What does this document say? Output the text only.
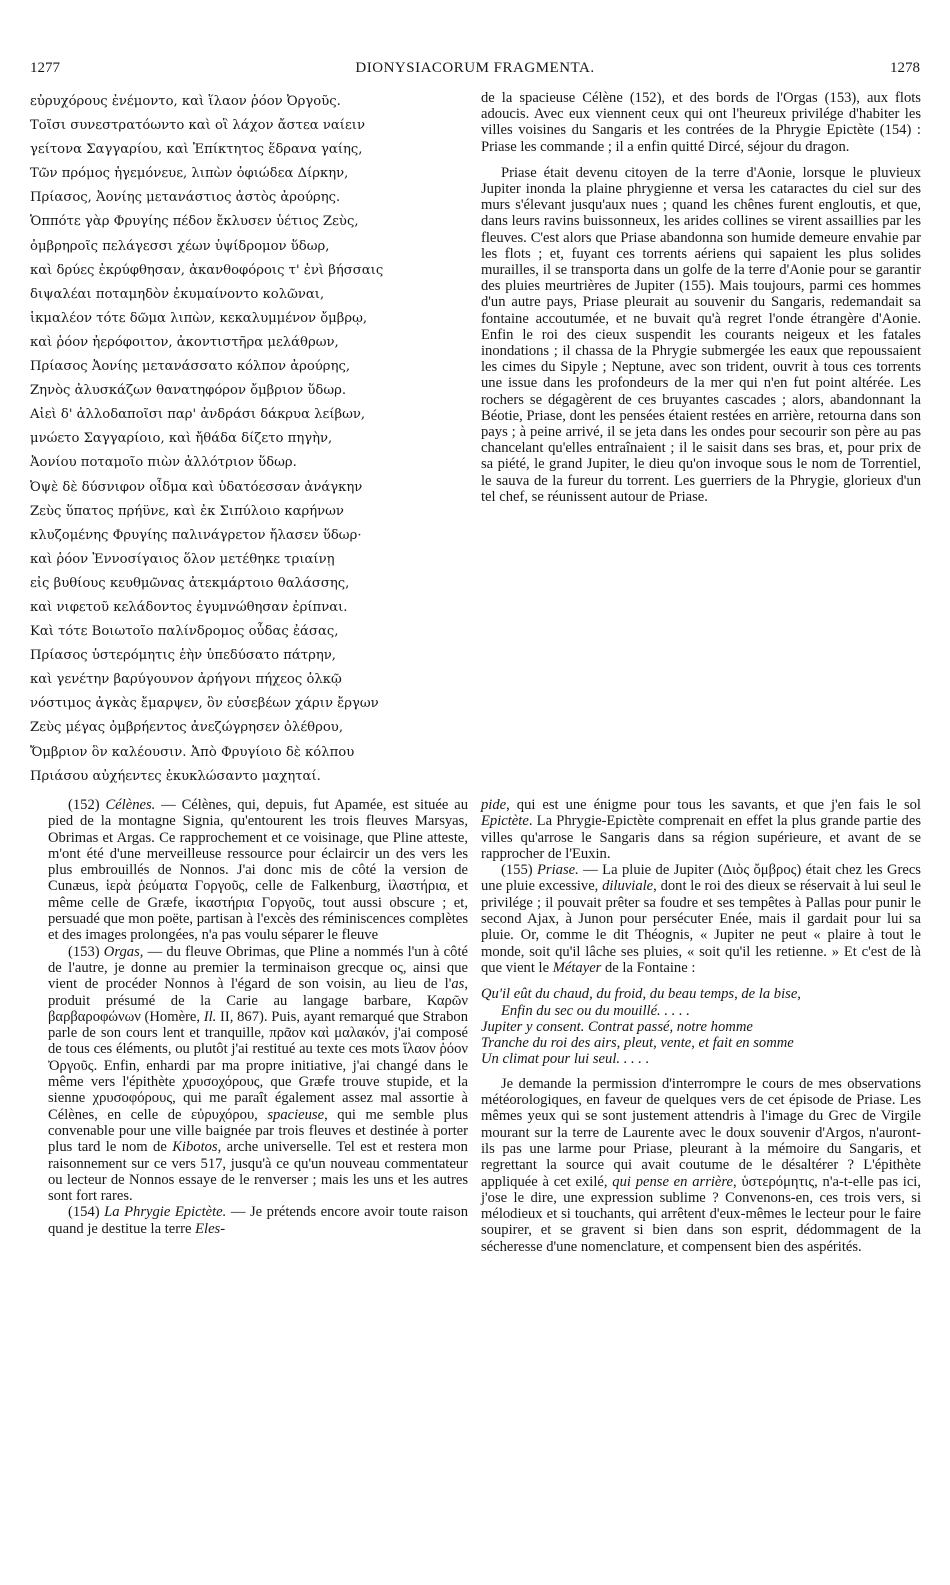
1277	DIONYSIACORUM FRAGMENTA.	1278
εὐρυχόρους ἐνέμοντο, καὶ ἵλαον ῥόον Ὀργοῦς.
Τοῖσι συνεστρατόωντο καὶ οἳ λάχον ἄστεα ναίειν
γείτονα Σαγγαρίου, καὶ Ἐπίκτητος ἕδρανα γαίης,
Τῶν πρόμος ἡγεμόνευε, λιπὼν ὀφιώδεα Δίρκην,
Πρίασος, Ἀονίης μετανάστιος ἀστὸς ἀρούρης.
Ὁππότε γὰρ Φρυγίης πέδον ἔκλυσεν ὑέτιος Ζεὺς,
ὀμβρηροῖς πελάγεσσι χέων ὑψίδρομον ὕδωρ,
καὶ δρύες ἐκρύφθησαν, ἀκανθοφόροις τ' ἐνὶ βήσσαις
διψαλέαι ποταμηδὸν ἐκυμαίνοντο κολῶναι,
ἱκμαλέον τότε δῶμα λιπὼν, κεκαλυμμένον ὄμβρῳ,
καὶ ῥόον ἠερόφοιτον, ἀκοντιστῆρα μελάθρων,
Πρίασος Ἀονίης μετανάσσατο κόλπον ἀρούρης,
Ζηνὸς ἀλυσκάζων θανατηφόρον ὄμβριον ὕδωρ.
Αἰεὶ δ' ἀλλοδαποῖσι παρ' ἀνδράσι δάκρυα λείβων,
μνώετο Σαγγαρίοιο, καὶ ἤθάδα δίζετο πηγὴν,
Ἀονίου ποταμοῖο πιὼν ἀλλότριον ὕδωρ.
Ὀψὲ δὲ δύσνιφον οἶδμα καὶ ὑδατόεσσαν ἀνάγκην
Ζεὺς ὕπατος πρήϋνε, καὶ ἐκ Σιπύλοιο καρήνων
κλυζομένης Φρυγίης παλινάγρετον ἤλασεν ὕδωρ·
καὶ ῥόον Ἐννοσίγαιος ὅλον μετέθηκε τριαίνῃ
εἰς βυθίους κευθμῶνας ἀτεκμάρτοιο θαλάσσης,
καὶ νιφετοῦ κελάδοντος ἐγυμνώθησαν ἐρίπναι.
Καὶ τότε Βοιωτοῖο παλίνδρομος οὖδας ἐάσας,
Πρίασος ὑστερόμητις ἑὴν ὑπεδύσατο πάτρην,
καὶ γενέτην βαρύγουνον ἀρήγονι πήχεος ὁλκῷ
νόστιμος ἀγκὰς ἔμαρψεν, ὃν εὐσεβέων χάριν ἔργων
Ζεὺς μέγας ὀμβρήεντος ἀνεζώγρησεν ὀλέθρου,
Ὄμβριον ὃν καλέουσιν. Ἀπὸ Φρυγίοιο δὲ κόλπου
Πριάσου αὐχήεντες ἐκυκλώσαντο μαχηταί.

de la spacieuse Célène (152), et des bords de l'Orgas (153), aux flots adoucis. Avec eux viennent ceux qui ont l'heureux privilége d'habiter les villes voisines du Sangaris et les contrées de la Phrygie Epictète (154) : Priase les commande ; il a enfin quitté Dircé, séjour du dragon.

Priase était devenu citoyen de la terre d'Aonie, lorsque le pluvieux Jupiter inonda la plaine phrygienne et versa les cataractes du ciel sur des murs s'élevant jusqu'aux nues ; quand les chênes furent engloutis, et que, dans leurs ravins buissonneux, les arides collines se virent assaillies par les fleuves. C'est alors que Priase abandonna son humide demeure envahie par les flots ; et, fuyant ces torrents aériens qui sapaient les plus solides murailles, il se transporta dans un golfe de la terre d'Aonie pour se garantir des pluies meurtrières de Jupiter (155). Mais toujours, parmi ces hommes d'un autre pays, Priase pleurait au souvenir du Sangaris, redemandait sa fontaine accoutumée, et ne buvait qu'à regret l'onde étrangère d'Aonie. Enfin le roi des cieux suspendit les courants neigeux et les fatales inondations ; il chassa de la Phrygie submergée les eaux que repoussaient les cimes du Sipyle ; Neptune, avec son trident, ouvrit à tous ces torrents une issue dans les profondeurs de la mer qui n'en fut point altérée. Les rochers se dégagèrent de ces bruyantes cascades ; alors, abandonnant la Béotie, Priase, dont les pensées étaient restées en arrière, retourna dans son pays ; à peine arrivé, il se jeta dans les ondes pour secourir son père au pas chancelant qu'elles entraînaient ; il le saisit dans ses bras, et, pour prix de sa piété, le grand Jupiter, le dieu qu'on invoque sous le nom de Torrentiel, le sauva de la fureur du torrent. Les guerriers de la Phrygie, glorieux d'un tel chef, se réunissent autour de Priase.

(152) Célènes. — Célènes, qui, depuis, fut Apamée, est située au pied de la montagne Signia, qu'entourent les trois fleuves Marsyas, Obrimas et Argas. Ce rapprochement et ce voisinage, que Pline atteste, m'ont été d'une merveilleuse ressource pour éclaircir un des vers les plus embrouillés de Nonnos. J'ai donc mis de côté la version de Cunæus, ἱερὰ ῥεύματα Γοργοῦς, celle de Falkenburg, ἱλαστήρια, et même celle de Græfe, ἱκαστήρια Γοργοῦς, tout aussi obscure ; et, persuadé que mon poëte, partisan à l'excès des réminiscences complètes et des images prolongées, n'a pas voulu séparer le fleuve

(153) Orgas, — du fleuve Obrimas, que Pline a nommés l'un à côté de l'autre, je donne au premier la terminaison grecque ος, ainsi que vient de procéder Nonnos à l'égard de son voisin, au lieu de l'as, produit présumé de la Carie au langage barbare, Καρῶν βαρβαροφώνων (Homère, Il. II, 867). Puis, ayant remarqué que Strabon parle de son cours lent et tranquille, πρᾶον καὶ μαλακόν, j'ai composé de tous ces éléments, ou plutôt j'ai restitué au texte ces mots ἵλαον ῥόον Ὀργοῦς. Enfin, enhardi par ma propre initiative, j'ai changé dans le même vers l'épithète χρυσοχόρους, que Græfe trouve stupide, et la sienne χρυσοφόρους, qui me paraît également assez mal assortie à Célènes, en celle de εὐρυχόρου, spacieuse, qui me semble plus convenable pour une ville baignée par trois fleuves et destinée à porter plus tard le nom de Kibotos, arche universelle. Tel est et restera mon raisonnement sur ce vers 517, jusqu'à ce qu'un nouveau commentateur ou lecteur de Nonnos essaye de le renverser ; mais les uns et les autres sont fort rares.

(154) La Phrygie Epictète. — Je prétends encore avoir toute raison quand je destitue la terre Eles-

pide, qui est une énigme pour tous les savants, et que j'en fais le sol Epictète. La Phrygie-Epictète comprenait en effet la plus grande partie des villes qu'arrose le Sangaris dans sa région supérieure, et avant de se rapprocher de l'Euxin.

(155) Priase. — La pluie de Jupiter (Διὸς ὄμβρος) était chez les Grecs une pluie excessive, diluviale, dont le roi des dieux se réservait à lui seul le privilége ; il pouvait prêter sa foudre et ses tempêtes à Pallas pour punir le second Ajax, à Junon pour persécuter Enée, mais il gardait pour lui sa pluie. Or, comme le dit Théognis, « Jupiter ne peut « plaire à tout le monde, soit qu'il lâche ses pluies, « soit qu'il les retienne. » Et c'est de là que vient le Métayer de la Fontaine :

Qu'il eût du chaud, du froid, du beau temps, de la bise,
Enfin du sec ou du mouillé. . . . .
Jupiter y consent. Contrat passé, notre homme
Tranche du roi des airs, pleut, vente, et fait en somme
Un climat pour lui seul. . . . .

Je demande la permission d'interrompre le cours de mes observations météorologiques, en faveur de quelques vers de cet épisode de Priase. Les mêmes yeux qui se sont justement attendris à l'image du Grec de Virgile mourant sur la terre de Laurente avec le doux souvenir d'Argos, n'auront-ils pas une larme pour Priase, pleurant à la mémoire du Sangaris, et regrettant la source qui avait coutume de le désaltérer ? L'épithète appliquée à cet exilé, qui pense en arrière, ὑστερόμητις, n'a-t-elle pas ici, j'ose le dire, une expression sublime ? Convenons-en, ces trois vers, si mélodieux et si touchants, qui arrêtent d'eux-mêmes le lecteur pour le faire soupirer, et se gravent si bien dans son esprit, dédommagent de la sécheresse d'une nomenclature, et compensent bien des aspérités.
